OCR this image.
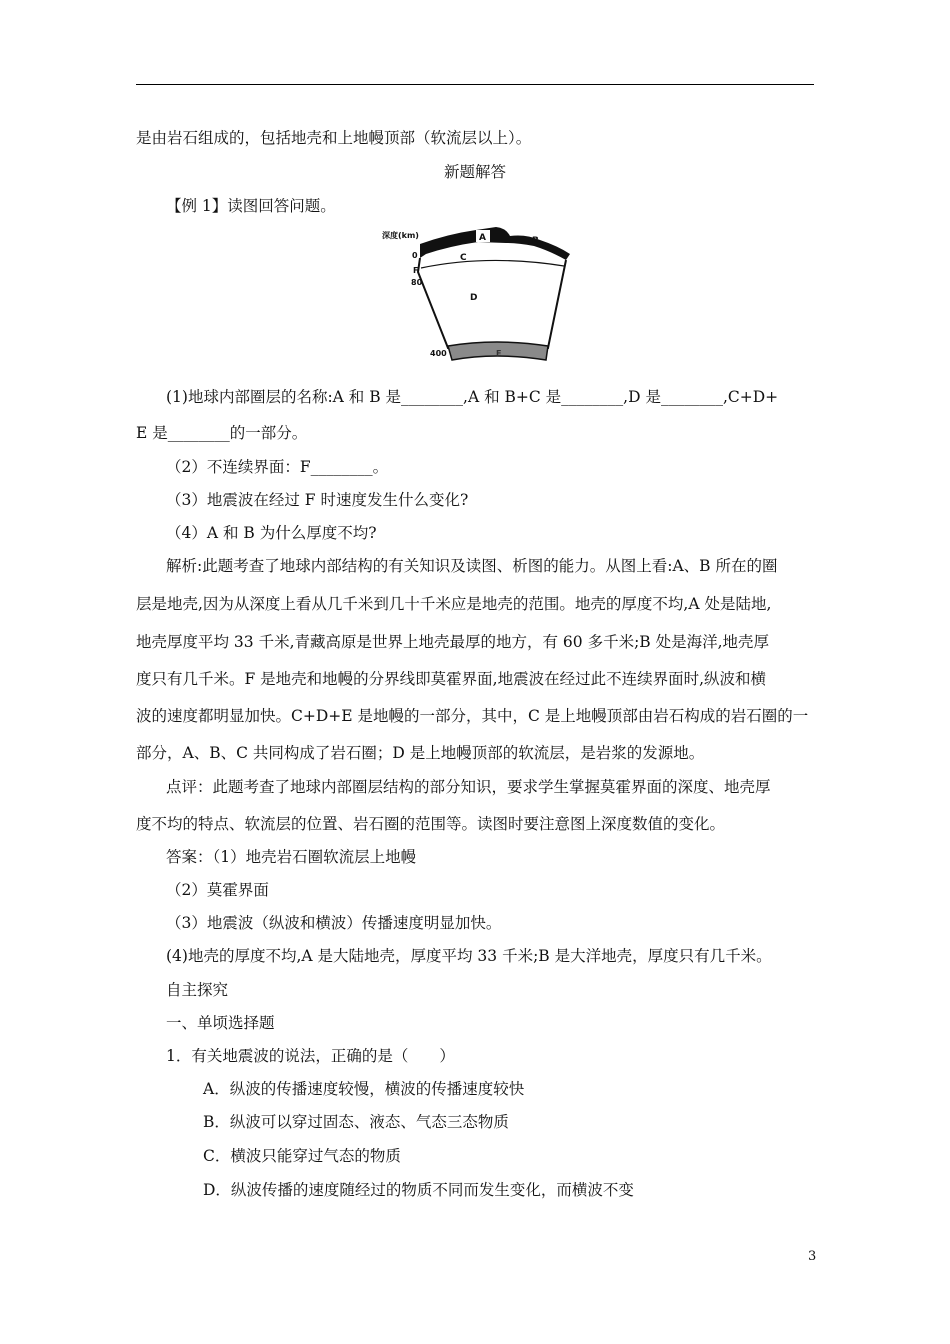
是由岩石组成的，包括地壳和上地幔顶部（软流层以上）。
新题解答
【例 1】读图回答问题。
A	B
C
D
E
F
深度(km)
0
80
400
(1)地球内部圈层的名称:A 和 B 是________,A 和 B+C 是________,D 是________,C+D+
E 是________的一部分。
（2）不连续界面：F________。
（3）地震波在经过 F 时速度发生什么变化?
（4）A 和 B 为什么厚度不均?
解析:此题考查了地球内部结构的有关知识及读图、析图的能力。从图上看:A、B 所在的圈
层是地壳,因为从深度上看从几千米到几十千米应是地壳的范围。地壳的厚度不均,A 处是陆地,
地壳厚度平均 33 千米,青藏高原是世界上地壳最厚的地方，有 60 多千米;B 处是海洋,地壳厚
度只有几千米。F 是地壳和地幔的分界线即莫霍界面,地震波在经过此不连续界面时,纵波和横
波的速度都明显加快。C+D+E 是地幔的一部分，其中，C 是上地幔顶部由岩石构成的岩石圈的一
部分，A、B、C 共同构成了岩石圈；D 是上地幔顶部的软流层，是岩浆的发源地。
点评：此题考查了地球内部圈层结构的部分知识，要求学生掌握莫霍界面的深度、地壳厚
度不均的特点、软流层的位置、岩石圈的范围等。读图时要注意图上深度数值的变化。
答案：（1）地壳岩石圈软流层上地幔
（2）莫霍界面
（3）地震波（纵波和横波）传播速度明显加快。
(4)地壳的厚度不均,A 是大陆地壳，厚度平均 33 千米;B 是大洋地壳，厚度只有几千米。
自主探究
一、单顷选择题
1．有关地震波的说法，正确的是（　　）
A．纵波的传播速度较慢，横波的传播速度较快
B．纵波可以穿过固态、液态、气态三态物质
C．横波只能穿过气态的物质
D．纵波传播的速度随经过的物质不同而发生变化，而横波不变
3
